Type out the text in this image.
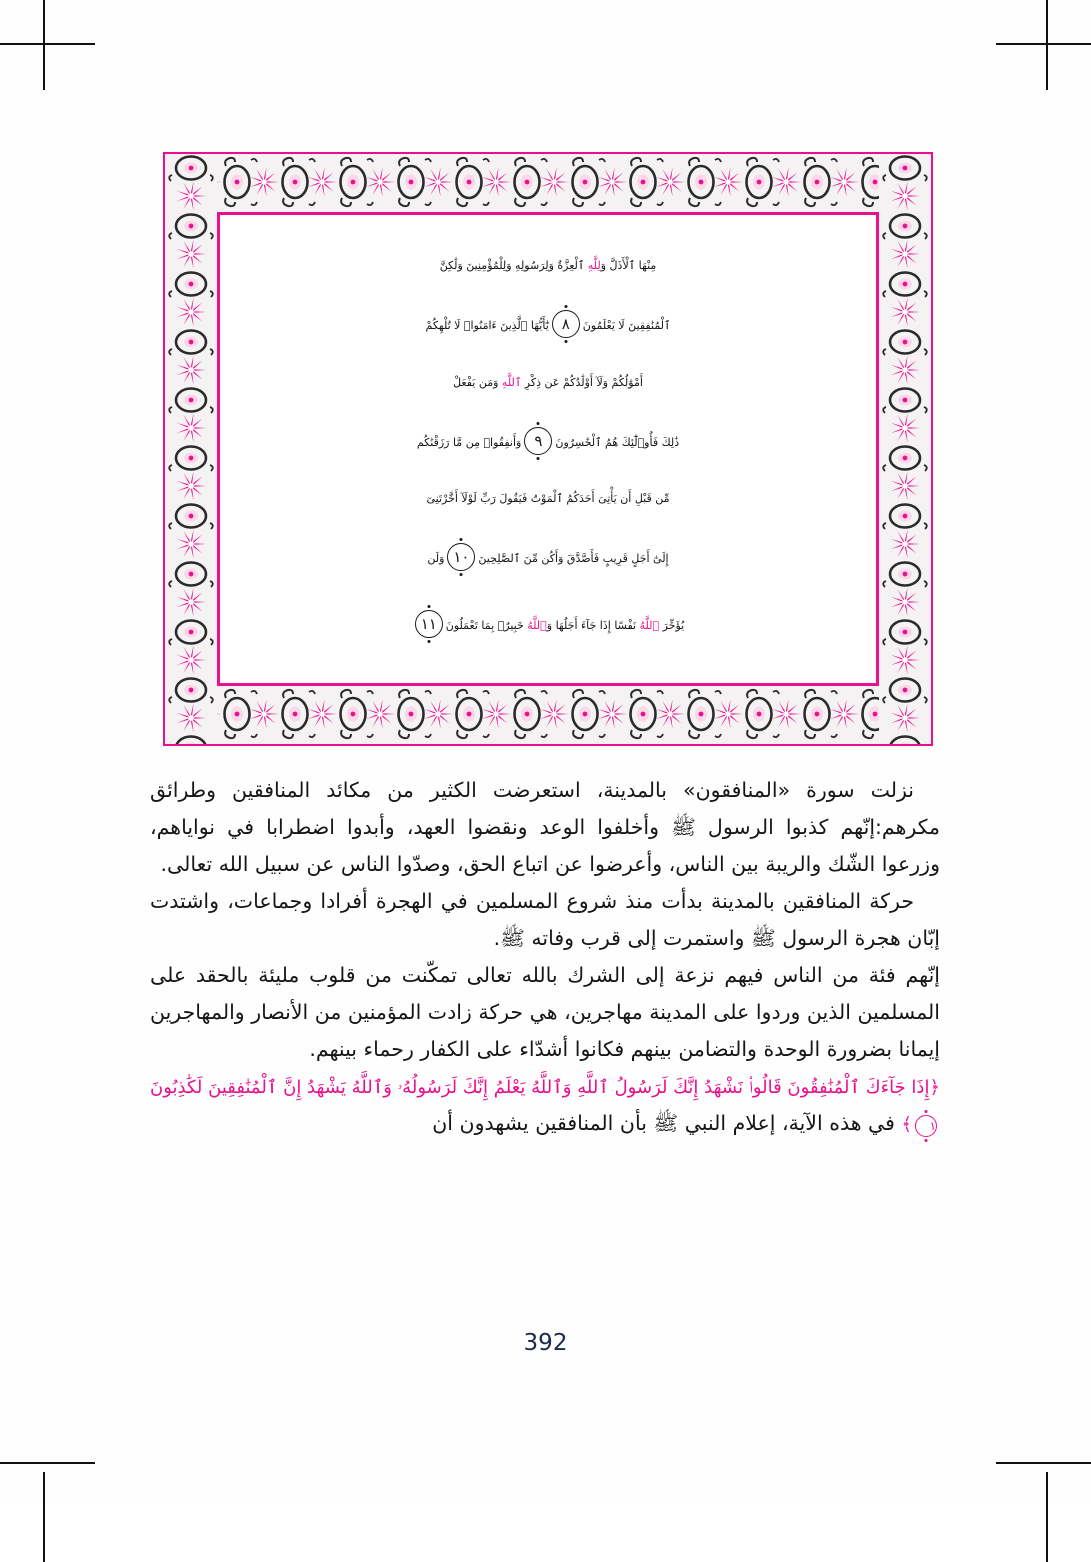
مِنْهَا ٱلْأَذَلَّ وَلِلَّهِ ٱلْعِزَّةُ وَلِرَسُولِهِ وَلِلْمُؤْمِنِينَ وَلَٰكِنَّ
ٱلْمُنَٰفِقِينَ لَا يَعْلَمُونَ٨يَٰٓأَيُّهَا ٱلَّذِينَ ءَامَنُوا۟ لَا تُلْهِكُمْ
أَمْوَٰلُكُمْ وَلَآ أَوْلَٰدُكُمْ عَن ذِكْرِ ٱللَّهِ وَمَن يَفْعَلْ
ذَٰلِكَ فَأُو۟لَٰٓئِكَ هُمُ ٱلْخَٰسِرُونَ٩وَأَنفِقُوا۟ مِن مَّا رَزَقْنَٰكُم
مِّن قَبْلِ أَن يَأْتِىَ أَحَدَكُمُ ٱلْمَوْتُ فَيَقُولَ رَبِّ لَوْلَآ أَخَّرْتَنِىٓ
إِلَىٰٓ أَجَلٍ قَرِيبٍ فَأَصَّدَّقَ وَأَكُن مِّنَ ٱلصَّٰلِحِينَ١٠وَلَن
يُؤَخِّرَ ٱللَّهُ نَفْسًا إِذَا جَآءَ أَجَلُهَا وَٱللَّهُ خَبِيرٌۢ بِمَا تَعْمَلُونَ١١

نزلت سورة «المنافقون» بالمدينة، استعرضت الكثير من مكائد المنافقين وطرائق مكرهم:إنّهم كذبوا الرسول ﷺ وأخلفوا الوعد ونقضوا العهد، وأبدوا اضطرابا في نواياهم، وزرعوا الشّك والريبة بين الناس، وأعرضوا عن اتباع الحق، وصدّوا الناس عن سبيل الله تعالى.

حركة المنافقين بالمدينة بدأت منذ شروع المسلمين في الهجرة أفرادا وجماعات، واشتدت إبّان هجرة الرسول ﷺ واستمرت إلى قرب وفاته ﷺ.

إنّهم فئة من الناس فيهم نزعة إلى الشرك بالله تعالى تمكّنت من قلوب مليئة بالحقد على المسلمين الذين وردوا على المدينة مهاجرين، هي حركة زادت المؤمنين من الأنصار والمهاجرين إيمانا بضرورة الوحدة والتضامن بينهم فكانوا أشدّاء على الكفار رحماء بينهم.

﴿إِذَا جَآءَكَ ٱلْمُنَٰفِقُونَ قَالُوا۟ نَشْهَدُ إِنَّكَ لَرَسُولُ ٱللَّهِ وَٱللَّهُ يَعْلَمُ إِنَّكَ لَرَسُولُهُۥ وَٱللَّهُ يَشْهَدُ إِنَّ ٱلْمُنَٰفِقِينَ لَكَٰذِبُونَ١﴾ في هذه الآية، إعلام النبي ﷺ بأن المنافقين يشهدون أن

392
